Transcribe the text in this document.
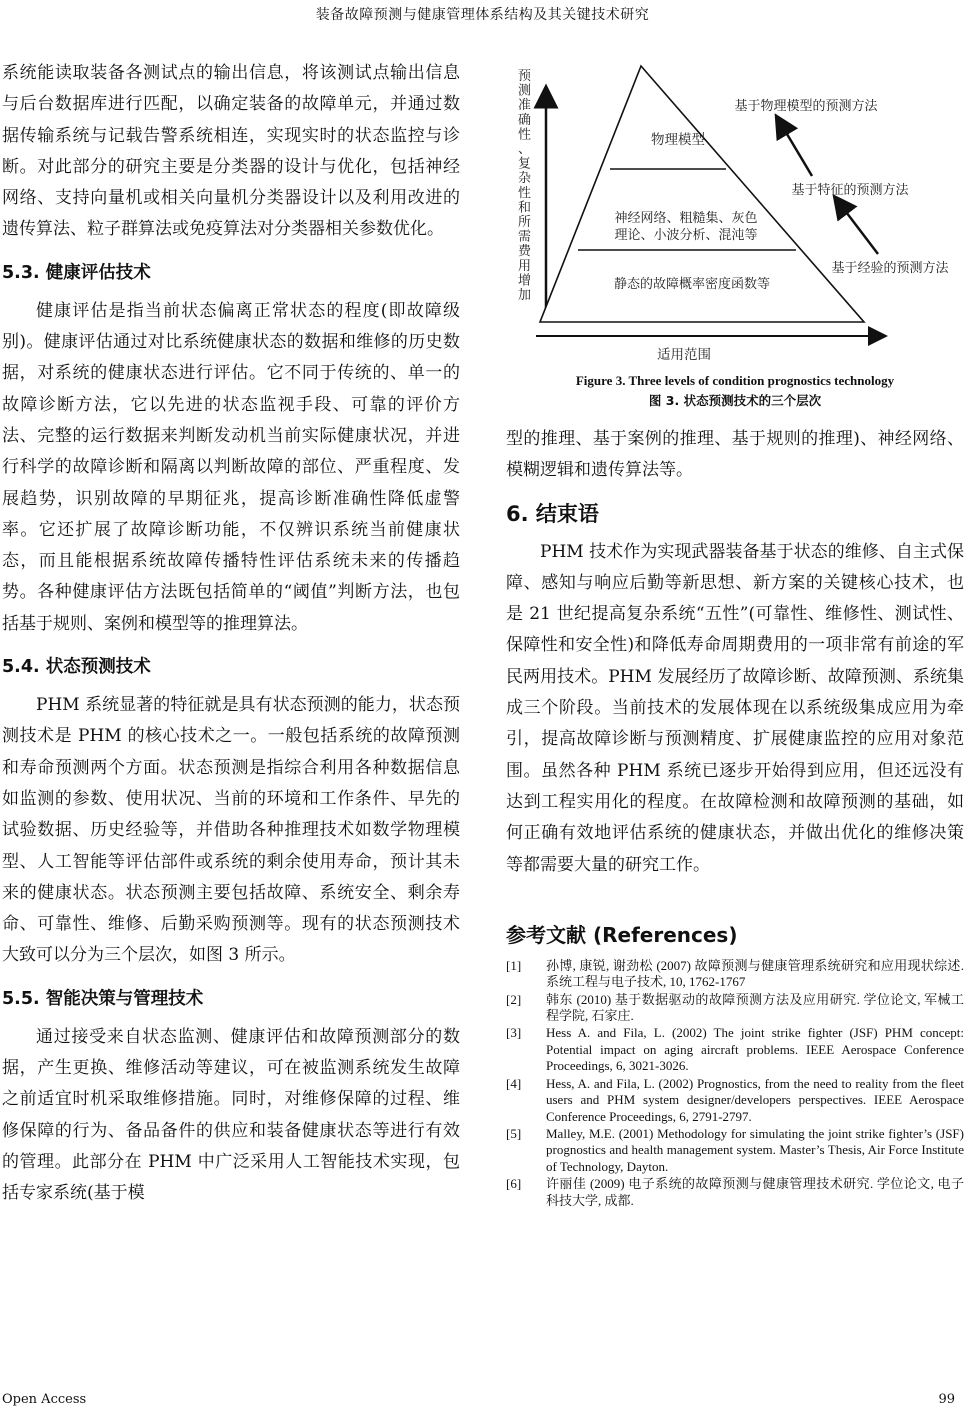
装备故障预测与健康管理体系结构及其关键技术研究

系统能读取装备各测试点的输出信息，将该测试点输出信息与后台数据库进行匹配，以确定装备的故障单元，并通过数据传输系统与记载告警系统相连，实现实时的状态监控与诊断。对此部分的研究主要是分类器的设计与优化，包括神经网络、支持向量机或相关向量机分类器设计以及利用改进的遗传算法、粒子群算法或免疫算法对分类器相关参数优化。

5.3. 健康评估技术

健康评估是指当前状态偏离正常状态的程度(即故障级别)。健康评估通过对比系统健康状态的数据和维修的历史数据，对系统的健康状态进行评估。它不同于传统的、单一的故障诊断方法，它以先进的状态监视手段、可靠的评价方法、完整的运行数据来判断发动机当前实际健康状况，并进行科学的故障诊断和隔离以判断故障的部位、严重程度、发展趋势，识别故障的早期征兆，提高诊断准确性降低虚警率。它还扩展了故障诊断功能，不仅辨识系统当前健康状态，而且能根据系统故障传播特性评估系统未来的传播趋势。各种健康评估方法既包括简单的“阈值”判断方法，也包括基于规则、案例和模型等的推理算法。

5.4. 状态预测技术

PHM 系统显著的特征就是具有状态预测的能力，状态预测技术是 PHM 的核心技术之一。一般包括系统的故障预测和寿命预测两个方面。状态预测是指综合利用各种数据信息如监测的参数、使用状况、当前的环境和工作条件、早先的试验数据、历史经验等，并借助各种推理技术如数学物理模型、人工智能等评估部件或系统的剩余使用寿命，预计其未来的健康状态。状态预测主要包括故障、系统安全、剩余寿命、可靠性、维修、后勤采购预测等。现有的状态预测技术大致可以分为三个层次，如图 3 所示。

5.5. 智能决策与管理技术

通过接受来自状态监测、健康评估和故障预测部分的数据，产生更换、维修活动等建议，可在被监测系统发生故障之前适宜时机采取维修措施。同时，对维修保障的过程、维修保障的行为、备品备件的供应和装备健康状态等进行有效的管理。此部分在 PHM 中广泛采用人工智能技术实现，包括专家系统(基于模

预
测
准
确
性
、
复
杂
性
和
所
需
费
用
增
加
物理模型
神经网络、粗糙集、灰色
理论、小波分析、混沌等
静态的故障概率密度函数等
基于物理模型的预测方法
基于特征的预测方法
基于经验的预测方法
适用范围
Figure 3. Three levels of condition prognostics technology
图 3. 状态预测技术的三个层次

型的推理、基于案例的推理、基于规则的推理)、神经网络、模糊逻辑和遗传算法等。

6. 结束语

PHM 技术作为实现武器装备基于状态的维修、自主式保障、感知与响应后勤等新思想、新方案的关键核心技术，也是 21 世纪提高复杂系统“五性”(可靠性、维修性、测试性、保障性和安全性)和降低寿命周期费用的一项非常有前途的军民两用技术。PHM 发展经历了故障诊断、故障预测、系统集成三个阶段。当前技术的发展体现在以系统级集成应用为牵引，提高故障诊断与预测精度、扩展健康监控的应用对象范围。虽然各种 PHM 系统已逐步开始得到应用，但还远没有达到工程实用化的程度。在故障检测和故障预测的基础，如何正确有效地评估系统的健康状态，并做出优化的维修决策等都需要大量的研究工作。

参考文献 (References)
[1]	孙博, 康锐, 谢劲松 (2007) 故障预测与健康管理系统研究和应用现状综述. 系统工程与电子技术, 10, 1762-1767
[2]	韩东 (2010) 基于数据驱动的故障预测方法及应用研究. 学位论文, 军械工程学院, 石家庄.
[3]	Hess A. and Fila, L. (2002) The joint strike fighter (JSF) PHM concept: Potential impact on aging aircraft problems. IEEE Aerospace Conference Proceedings, 6, 3021-3026.
[4]	Hess, A. and Fila, L. (2002) Prognostics, from the need to reality from the fleet users and PHM system designer/developers perspectives. IEEE Aerospace Conference Proceedings, 6, 2791-2797.
[5]	Malley, M.E. (2001) Methodology for simulating the joint strike fighter’s (JSF) prognostics and health management system. Master’s Thesis, Air Force Institute of Technology, Dayton.
[6]	许丽佳 (2009) 电子系统的故障预测与健康管理技术研究. 学位论文, 电子科技大学, 成都.
Open Access	99
